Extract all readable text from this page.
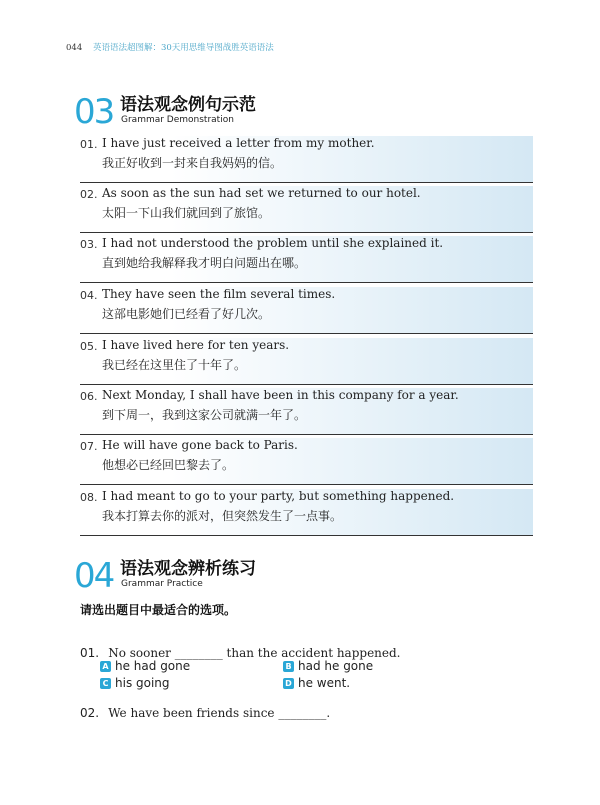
044 英语语法超图解：30天用思维导图战胜英语语法
03 语法观念例句示范
Grammar Demonstration
01. I have just received a letter from my mother.
我正好收到一封来自我妈妈的信。
02. As soon as the sun had set we returned to our hotel.
太阳一下山我们就回到了旅馆。
03. I had not understood the problem until she explained it.
直到她给我解释我才明白问题出在哪。
04. They have seen the film several times.
这部电影她们已经看了好几次。
05. I have lived here for ten years.
我已经在这里住了十年了。
06. Next Monday, I shall have been in this company for a year.
到下周一，我到这家公司就满一年了。
07. He will have gone back to Paris.
他想必已经回巴黎去了。
08. I had meant to go to your party, but something happened.
我本打算去你的派对，但突然发生了一点事。
04 语法观念辨析练习
Grammar Practice
请选出题目中最适合的选项。
01. No sooner ________ than the accident happened.
A he had gone	B had he gone
C his going	D he went.
02. We have been friends since ________.
